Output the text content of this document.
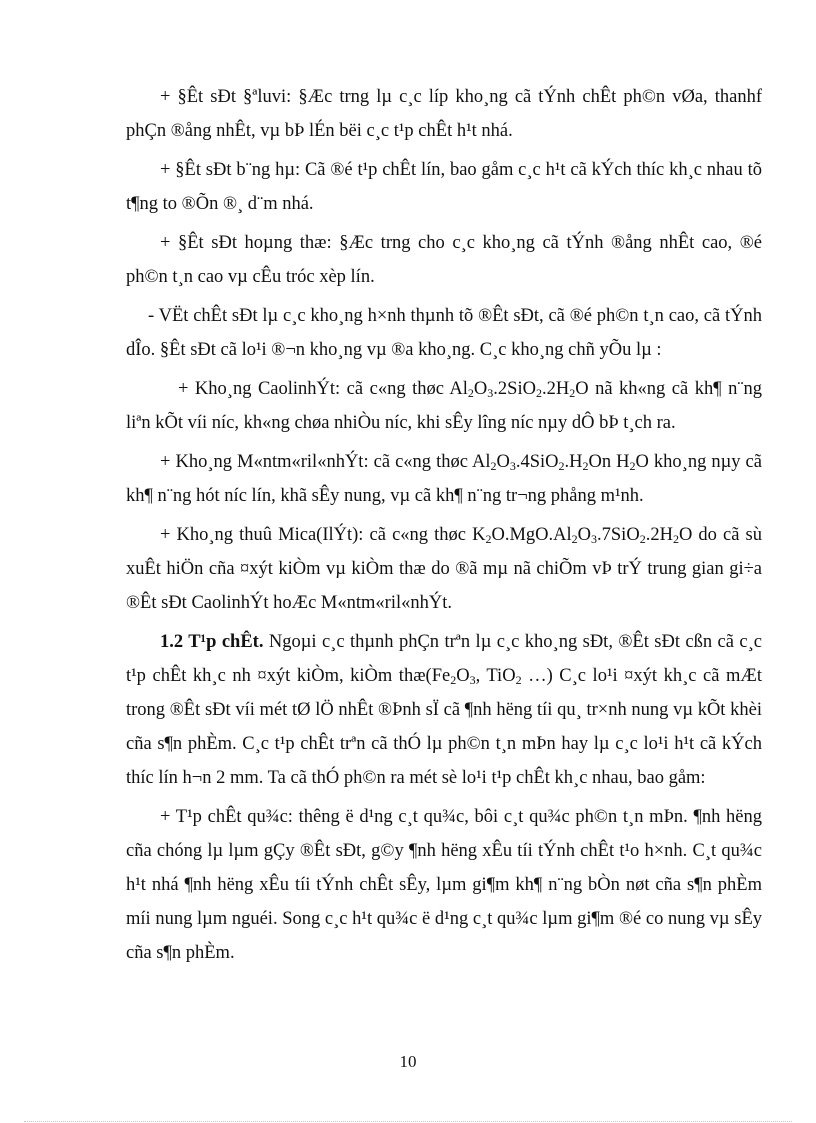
+ §Êt sÐt §ªluvi: §Æc trng lµ c¸c líp kho¸ng cã tÝnh chÊt ph©n vØa, thanhf phÇn ®ång nhÊt, vµ bÞ lÉn bëi c¸c t¹p chÊt h¹t nhá.

+ §Êt sÐt b¨ng hµ: Cã ®é t¹p chÊt lín, bao gåm c¸c h¹t cã kÝch thíc kh¸c nhau tõ t¶ng to ®Õn ®¸ d¨m nhá.

+ §Êt sÐt hoµng thæ: §Æc trng cho c¸c kho¸ng cã tÝnh ®ång nhÊt cao, ®é ph©n t¸n cao vµ cÊu tróc xèp lín.

- VËt chÊt sÐt lµ c¸c kho¸ng h×nh thµnh tõ ®Êt sÐt, cã ®é ph©n t¸n cao, cã tÝnh dÎo. §Êt sÐt cã lo¹i ®¬n kho¸ng vµ ®a kho¸ng. C¸c kho¸ng chñ yÕu lµ :

+ Kho¸ng CaolinhÝt: cã c«ng thøc $Al_2O_3.2SiO_2.2H_2O$ nã kh«ng cã kh¶ n¨ng liªn kÕt víi níc, kh«ng chøa nhiÒu níc, khi sÊy lîng níc nµy dÔ bÞ t¸ch ra.

+ Kho¸ng M«ntm«ril«nhÝt: cã c«ng thøc $Al_2O_3.4SiO_2.H_2On$ $H_2O$ kho¸ng nµy cã kh¶ n¨ng hót níc lín, khã sÊy nung, vµ cã kh¶ n¨ng tr¬ng phång m¹nh.

+ Kho¸ng thuû Mica(IlÝt): cã c«ng thøc $K_2O.MgO.Al_2O_3.7SiO_2.2H_2O$ do cã sù xuÊt hiÖn cña ¤xýt kiÒm vµ kiÒm thæ do ®ã mµ nã chiÕm vÞ trÝ trung gian gi÷a ®Êt sÐt CaolinhÝt hoÆc M«ntm«ril«nhÝt.

1.2 T¹p chÊt. Ngoµi c¸c thµnh phÇn trªn lµ c¸c kho¸ng sÐt, ®Êt sÐt cßn cã c¸c t¹p chÊt kh¸c nh ¤xýt kiÒm, kiÒm $thæ(Fe_2O_3$, TiO$_2$ …) C¸c lo¹i ¤xýt kh¸c cã mÆt trong ®Êt sÐt víi mét tØ lÖ nhÊt ®Þnh sÏ cã ¶nh hëng tíi qu¸ tr×nh nung vµ kÕt khèi cña s¶n phÈm. C¸c t¹p chÊt trªn cã thÓ lµ ph©n t¸n mÞn hay lµ c¸c lo¹i h¹t cã kÝch thíc lín h¬n 2 mm. Ta cã thÓ ph©n ra mét sè lo¹i t¹p chÊt kh¸c nhau, bao gåm:

+ T¹p chÊt qu¾c: thêng ë d¹ng c¸t qu¾c, bôi c¸t qu¾c ph©n t¸n mÞn. ¶nh hëng cña chóng lµ lµm gÇy ®Êt sÐt, g©y ¶nh hëng xÊu tíi tÝnh chÊt t¹o h×nh. C¸t qu¾c h¹t nhá ¶nh hëng xÊu tíi tÝnh chÊt sÊy, lµm gi¶m kh¶ n¨ng bÒn nøt cña s¶n phÈm míi nung lµm nguéi. Song c¸c h¹t qu¾c ë d¹ng c¸t qu¾c lµm gi¶m ®é co nung vµ sÊy cña s¶n phÈm.

10
